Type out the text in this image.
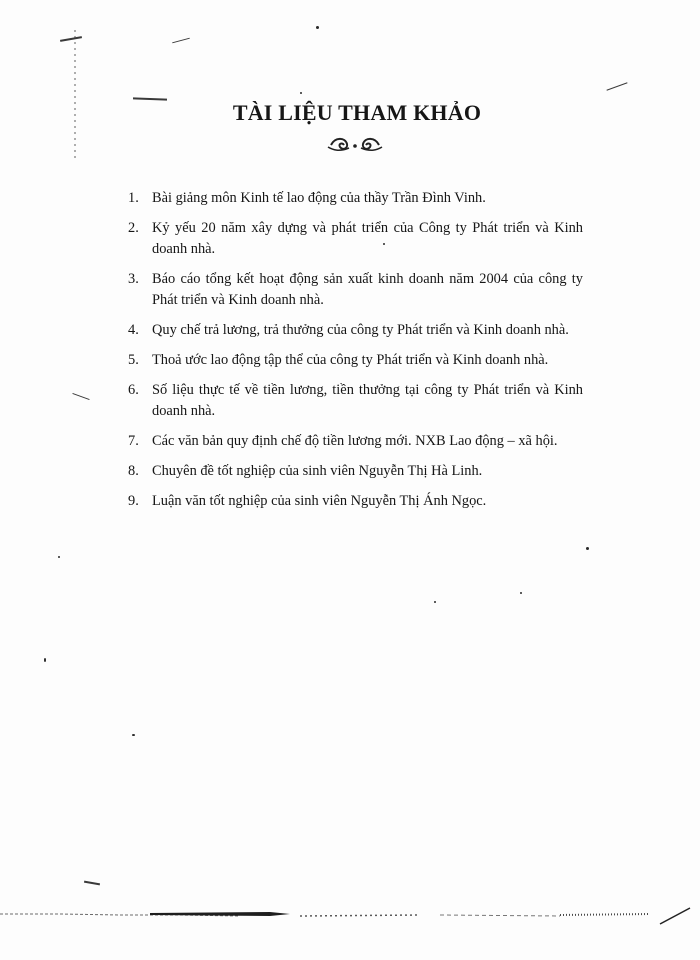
TÀI LIỆU THAM KHẢO
1. Bài giảng môn Kinh tế lao động của thầy Trần Đình Vinh.
2. Kỷ yếu 20 năm xây dựng và phát triển của Công ty Phát triển và Kinh doanh nhà.
3. Báo cáo tổng kết hoạt động sản xuất kinh doanh năm 2004 của công ty Phát triển và Kinh doanh nhà.
4. Quy chế trả lương, trả thưởng của công ty Phát triển và Kinh doanh nhà.
5. Thoả ước lao động tập thể của công ty Phát triển và Kinh doanh nhà.
6. Số liệu thực tế về tiền lương, tiền thưởng tại công ty Phát triển và Kinh doanh nhà.
7. Các văn bản quy định chế độ tiền lương mới. NXB Lao động – xã hội.
8. Chuyên đề tốt nghiệp của sinh viên Nguyễn Thị Hà Linh.
9. Luận văn tốt nghiệp của sinh viên Nguyễn Thị Ánh Ngọc.
